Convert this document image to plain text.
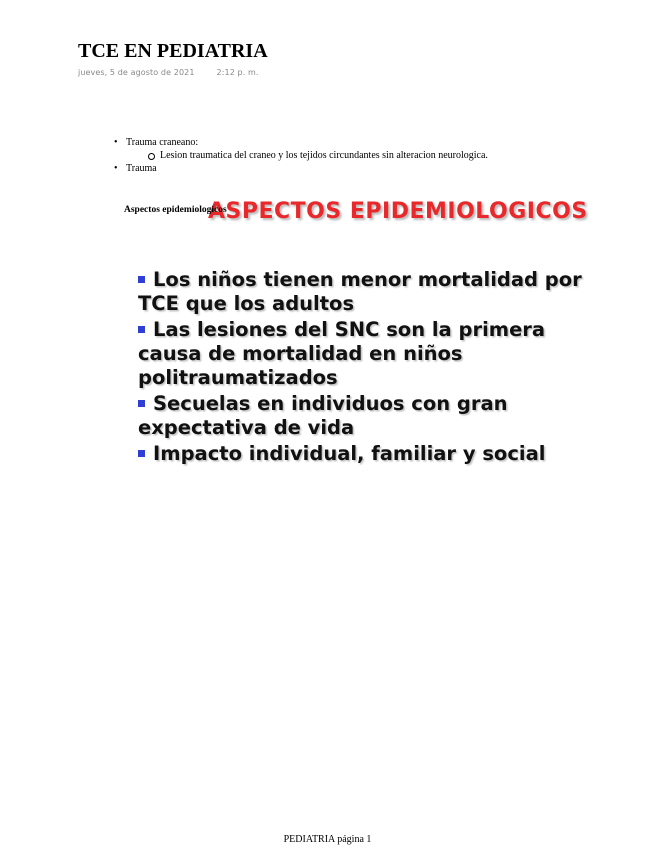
TCE EN PEDIATRIA
jueves, 5 de agosto de 2021	2:12 p. m.
• Trauma craneano:
Lesion traumatica del craneo y los tejidos circundantes sin alteracion neurologica.
• Trauma
Aspectos epidemiologicos
ASPECTOS EPIDEMIOLOGICOS
Los niños tienen menor mortalidad por TCE que los adultos
Las lesiones del SNC son la primera causa de mortalidad en niños politraumatizados
Secuelas en individuos con gran expectativa de vida
Impacto individual, familiar y social
PEDIATRIA página 1
